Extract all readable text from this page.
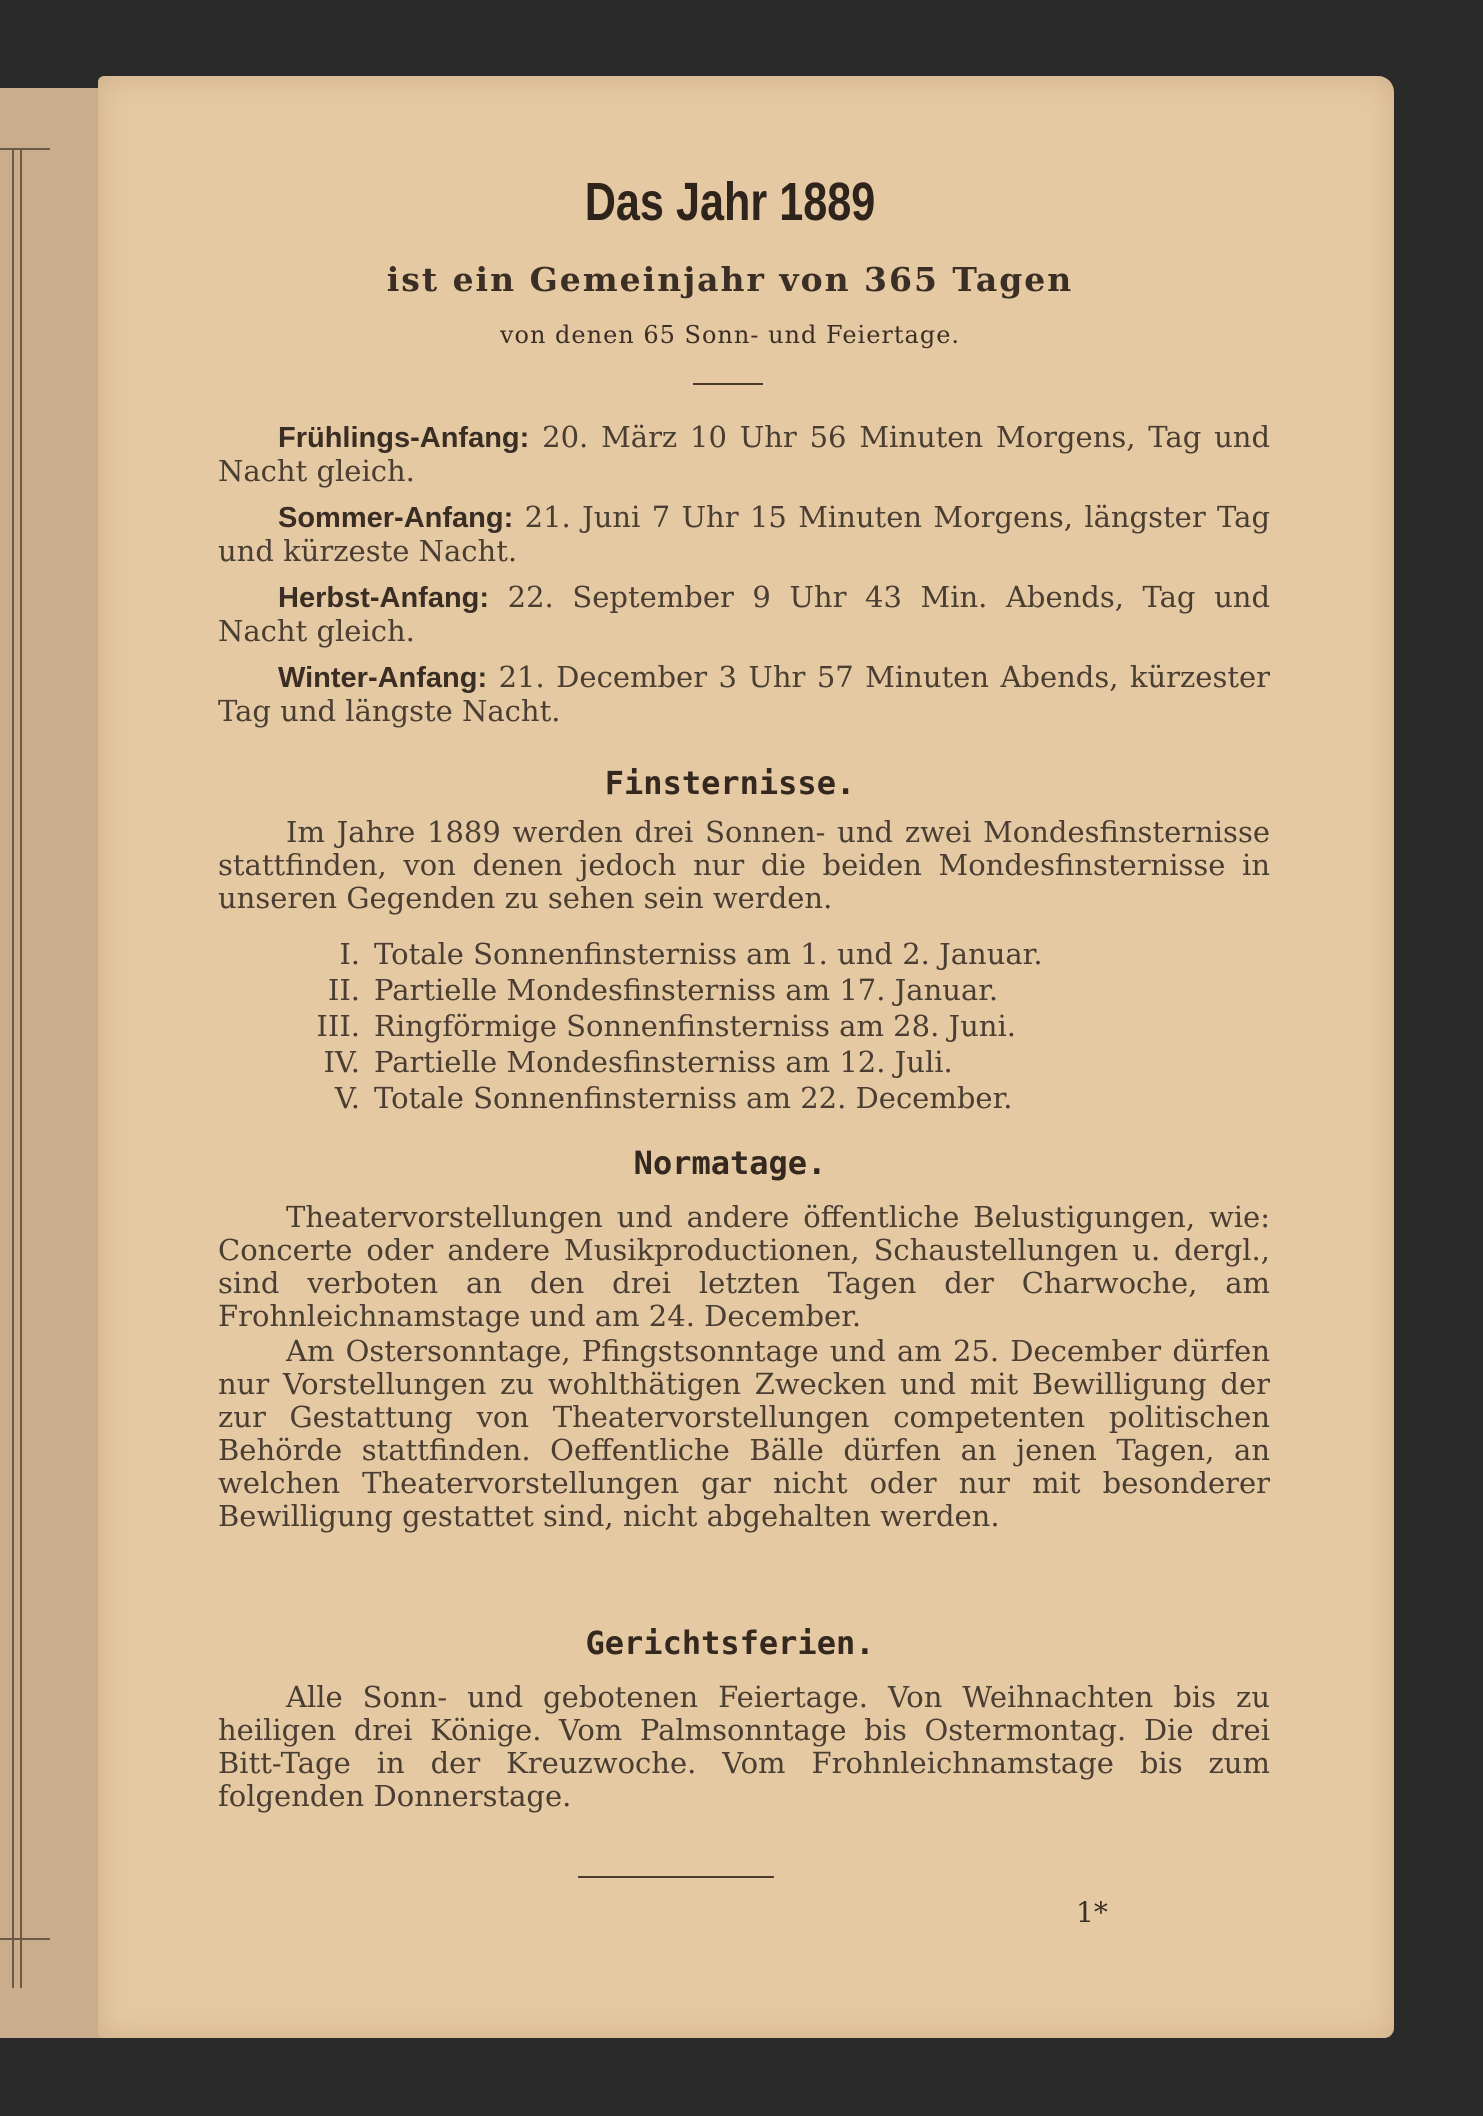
Das Jahr 1889
ist ein Gemeinjahr von 365 Tagen
von denen 65 Sonn- und Feiertage.
Frühlings-Anfang: 20. März 10 Uhr 56 Minuten Morgens, Tag und Nacht gleich.
Sommer-Anfang: 21. Juni 7 Uhr 15 Minuten Morgens, längster Tag und kürzeste Nacht.
Herbst-Anfang: 22. September 9 Uhr 43 Min. Abends, Tag und Nacht gleich.
Winter-Anfang: 21. December 3 Uhr 57 Minuten Abends, kürzester Tag und längste Nacht.
Finsternisse.
Im Jahre 1889 werden drei Sonnen- und zwei Mondesfinsternisse stattfinden, von denen jedoch nur die beiden Mondesfinsternisse in unseren Gegenden zu sehen sein werden.
I. Totale Sonnenfinsterniss am 1. und 2. Januar.
II. Partielle Mondesfinsterniss am 17. Januar.
III. Ringförmige Sonnenfinsterniss am 28. Juni.
IV. Partielle Mondesfinsterniss am 12. Juli.
V. Totale Sonnenfinsterniss am 22. December.
Normatage.
Theatervorstellungen und andere öffentliche Belustigungen, wie: Concerte oder andere Musikproductionen, Schaustellungen u. dergl., sind verboten an den drei letzten Tagen der Charwoche, am Frohnleichnamstage und am 24. December.
Am Ostersonntage, Pfingstsonntage und am 25. December dürfen nur Vorstellungen zu wohlthätigen Zwecken und mit Bewilligung der zur Gestattung von Theatervorstellungen competenten politischen Behörde stattfinden. Oeffentliche Bälle dürfen an jenen Tagen, an welchen Theatervorstellungen gar nicht oder nur mit besonderer Bewilligung gestattet sind, nicht abgehalten werden.
Gerichtsferien.
Alle Sonn- und gebotenen Feiertage. Von Weihnachten bis zu heiligen drei Könige. Vom Palmsonntage bis Ostermontag. Die drei Bitt-Tage in der Kreuzwoche. Vom Frohnleichnamstage bis zum folgenden Donnerstage.
1*
